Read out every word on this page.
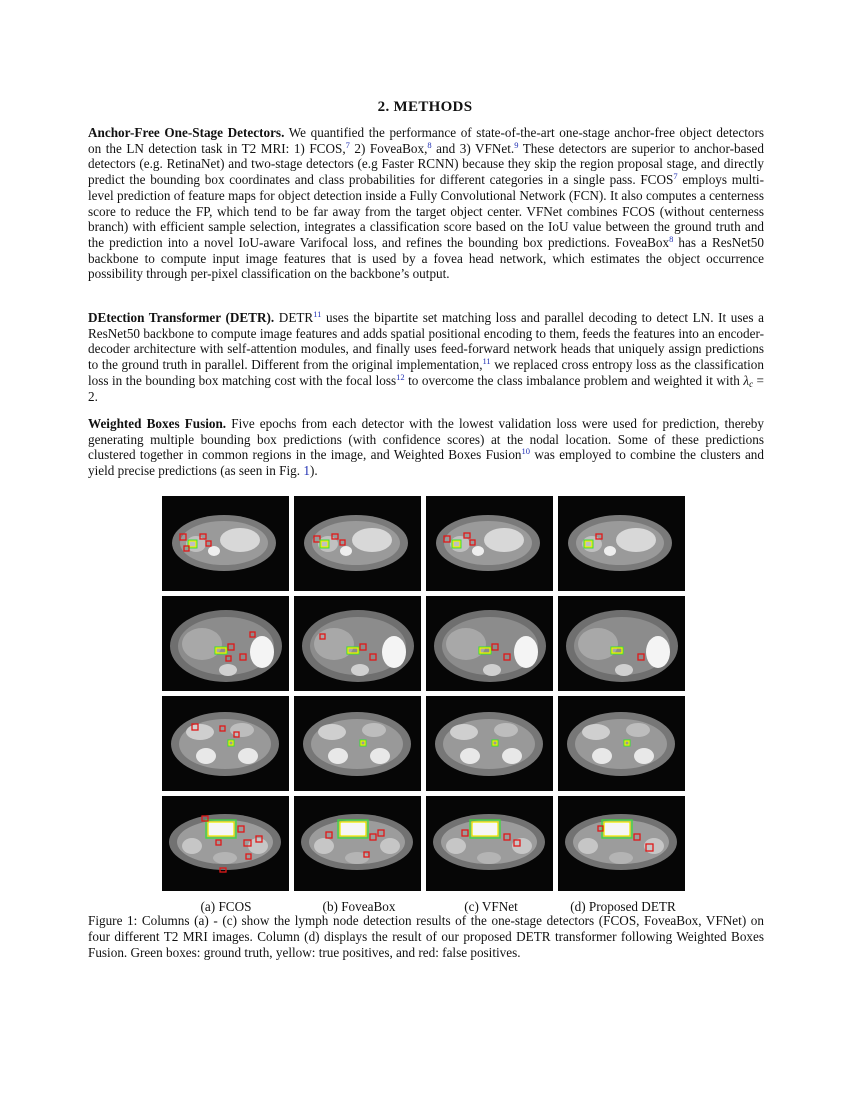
2. METHODS

Anchor-Free One-Stage Detectors. We quantified the performance of state-of-the-art one-stage anchor-free object detectors on the LN detection task in T2 MRI: 1) FCOS,$^7$ 2) FoveaBox,$^8$ and 3) VFNet.$^9$ These detectors are superior to anchor-based detectors (e.g. RetinaNet) and two-stage detectors (e.g Faster RCNN) because they skip the region proposal stage, and directly predict the bounding box coordinates and class probabilities for different categories in a single pass. FCOS$^7$ employs multi-level prediction of feature maps for object detection inside a Fully Convolutional Network (FCN). It also computes a centerness score to reduce the FP, which tend to be far away from the target object center. VFNet combines FCOS (without centerness branch) with efficient sample selection, integrates a classification score based on the IoU value between the ground truth and the prediction into a novel IoU-aware Varifocal loss, and refines the bounding box predictions. FoveaBox$^8$ has a ResNet50 backbone to compute input image features that is used by a fovea head network, which estimates the object occurrence possibility through per-pixel classification on the backbone’s output.

DEtection Transformer (DETR). DETR$^{11}$ uses the bipartite set matching loss and parallel decoding to detect LN. It uses a ResNet50 backbone to compute image features and adds spatial positional encoding to them, feeds the features into an encoder-decoder architecture with self-attention modules, and finally uses feed-forward network heads that uniquely assign predictions to the ground truth in parallel. Different from the original implementation,$^{11}$ we replaced cross entropy loss as the classification loss in the bounding box matching cost with the focal loss$^{12}$ to overcome the class imbalance problem and weighted it with $\lambda_c = 2$.

Weighted Boxes Fusion. Five epochs from each detector with the lowest validation loss were used for prediction, thereby generating multiple bounding box predictions (with confidence scores) at the nodal location. Some of these predictions clustered together in common regions in the image, and Weighted Boxes Fusion$^{10}$ was employed to combine the clusters and yield precise predictions (as seen in Fig. 1).

(a) FCOS	(b) FoveaBox	(c) VFNet	(d) Proposed DETR

Figure 1: Columns (a) - (c) show the lymph node detection results of the one-stage detectors (FCOS, FoveaBox, VFNet) on four different T2 MRI images. Column (d) displays the result of our proposed DETR transformer following Weighted Boxes Fusion. Green boxes: ground truth, yellow: true positives, and red: false positives.
